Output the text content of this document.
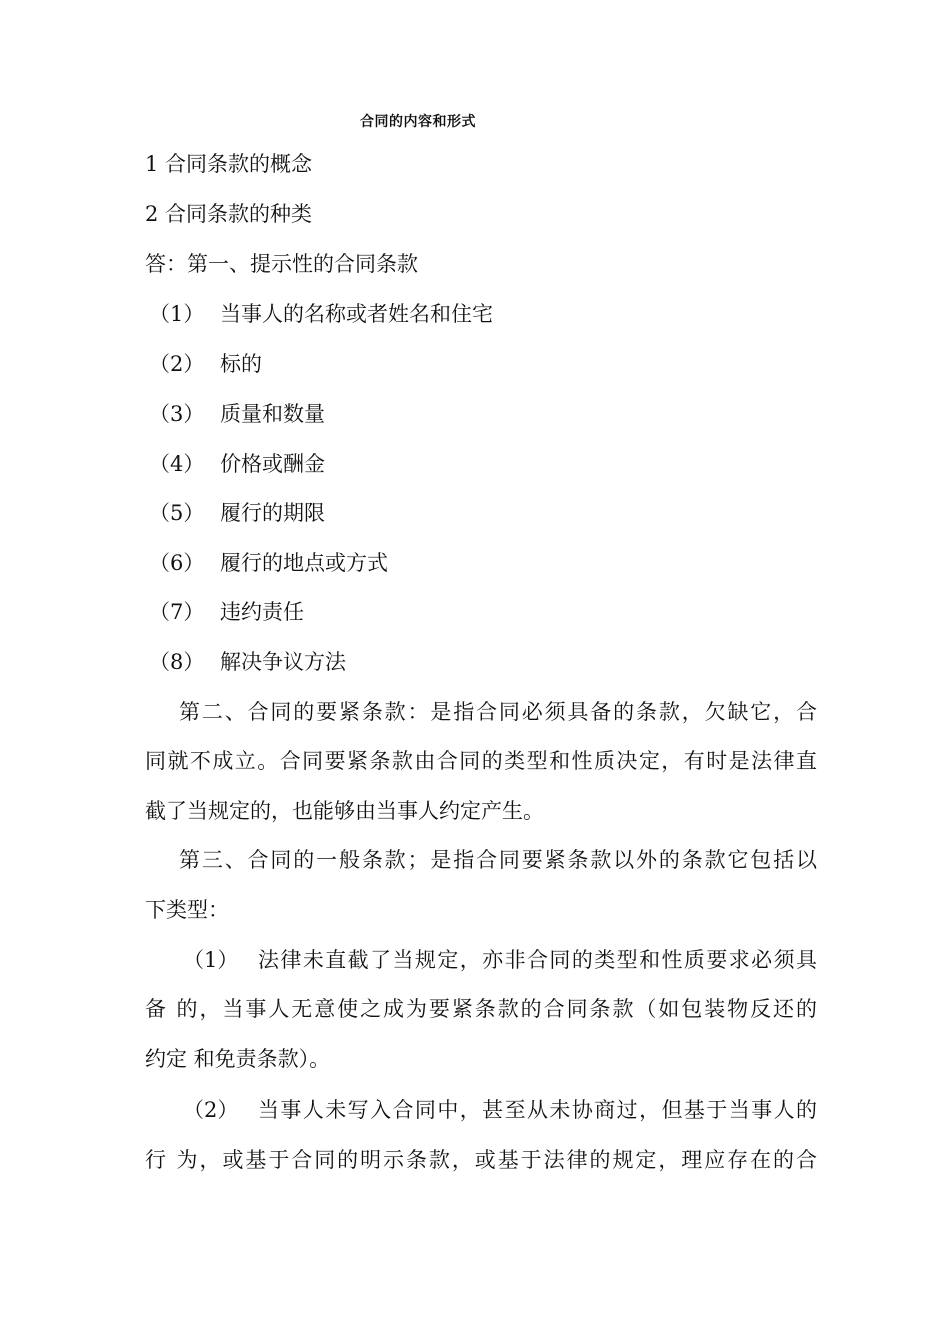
合同的内容和形式
1 合同条款的概念
2 合同条款的种类
答：第一、提示性的合同条款
（1） 当事人的名称或者姓名和住宅
（2） 标的
（3） 质量和数量
（4） 价格或酬金
（5） 履行的期限
（6） 履行的地点或方式
（7） 违约责任
（8） 解决争议方法
第二、合同的要紧条款：是指合同必须具备的条款，欠缺它，合
同就不成立。合同要紧条款由合同的类型和性质决定，有时是法律直
截了当规定的，也能够由当事人约定产生。
第三、合同的一般条款；是指合同要紧条款以外的条款它包括以
下类型：
（1） 法律未直截了当规定，亦非合同的类型和性质要求必须具
备 的，当事人无意使之成为要紧条款的合同条款（如包装物反还的
约定 和免责条款）。
（2） 当事人未写入合同中，甚至从未协商过，但基于当事人的
行 为，或基于合同的明示条款，或基于法律的规定，理应存在的合
